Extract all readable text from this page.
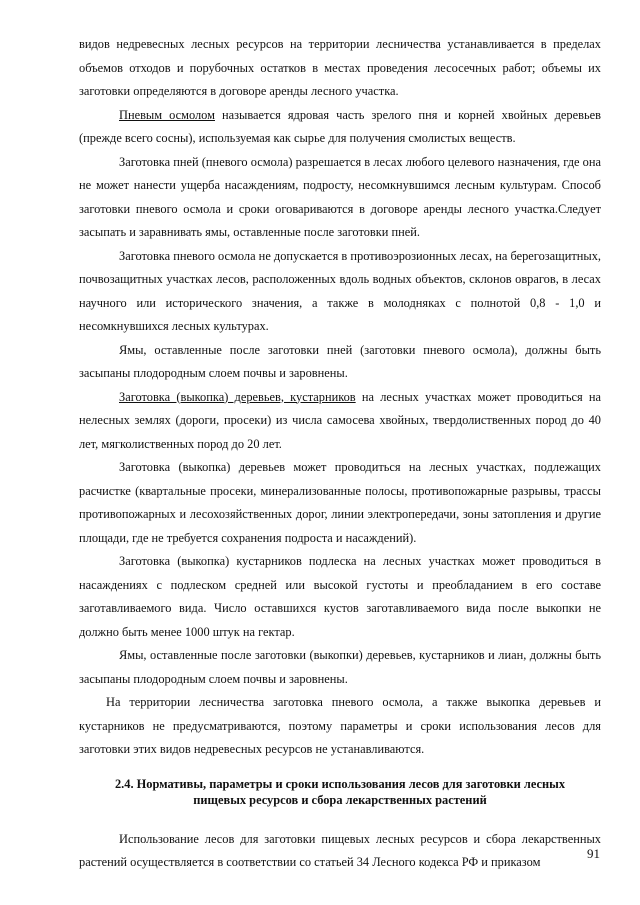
видов недревесных лесных ресурсов на территории лесничества устанавливается в пределах объемов отходов и порубочных остатков в местах проведения лесосечных работ; объемы их заготовки определяются в договоре аренды лесного участка.

Пневым осмолом называется ядровая часть зрелого пня и корней хвойных деревьев (прежде всего сосны), используемая как сырье для получения смолистых веществ.

Заготовка пней (пневого осмола) разрешается в лесах любого целевого назначения, где она не может нанести ущерба насаждениям, подросту, несомкнувшимся лесным культурам. Способ заготовки пневого осмола и сроки оговариваются в договоре аренды лесного участка.Следует засыпать и заравнивать ямы, оставленные после заготовки пней.

Заготовка пневого осмола не допускается в противоэрозионных лесах, на берегозащитных, почвозащитных участках лесов, расположенных вдоль водных объектов, склонов оврагов, в лесах научного или исторического значения, а также в молодняках с полнотой 0,8 - 1,0 и несомкнувшихся лесных культурах.

Ямы, оставленные после заготовки пней (заготовки пневого осмола), должны быть засыпаны плодородным слоем почвы и заровнены.

Заготовка (выкопка) деревьев, кустарников на лесных участках может проводиться на нелесных землях (дороги, просеки) из числа самосева хвойных, твердолиственных пород до 40 лет, мягколиственных пород до 20 лет.

Заготовка (выкопка) деревьев может проводиться на лесных участках, подлежащих расчистке (квартальные просеки, минерализованные полосы, противопожарные разрывы, трассы противопожарных и лесохозяйственных дорог, линии электропередачи, зоны затопления и другие площади, где не требуется сохранения подроста и насаждений).

Заготовка (выкопка) кустарников подлеска на лесных участках может проводиться в насаждениях с подлеском средней или высокой густоты и преобладанием в его составе заготавливаемого вида. Число оставшихся кустов заготавливаемого вида после выкопки не должно быть менее 1000 штук на гектар.

Ямы, оставленные после заготовки (выкопки) деревьев, кустарников и лиан, должны быть засыпаны плодородным слоем почвы и заровнены.

На территории лесничества заготовка пневого осмола, а также выкопка деревьев и кустарников не предусматриваются, поэтому параметры и сроки использования лесов для заготовки этих видов недревесных ресурсов не устанавливаются.

2.4. Нормативы, параметры и сроки использования лесов для заготовки лесных
пищевых ресурсов и сбора лекарственных растений

Использование лесов для заготовки пищевых лесных ресурсов и сбора лекарственных растений осуществляется в соответствии со статьей 34 Лесного кодекса РФ и приказом

91
